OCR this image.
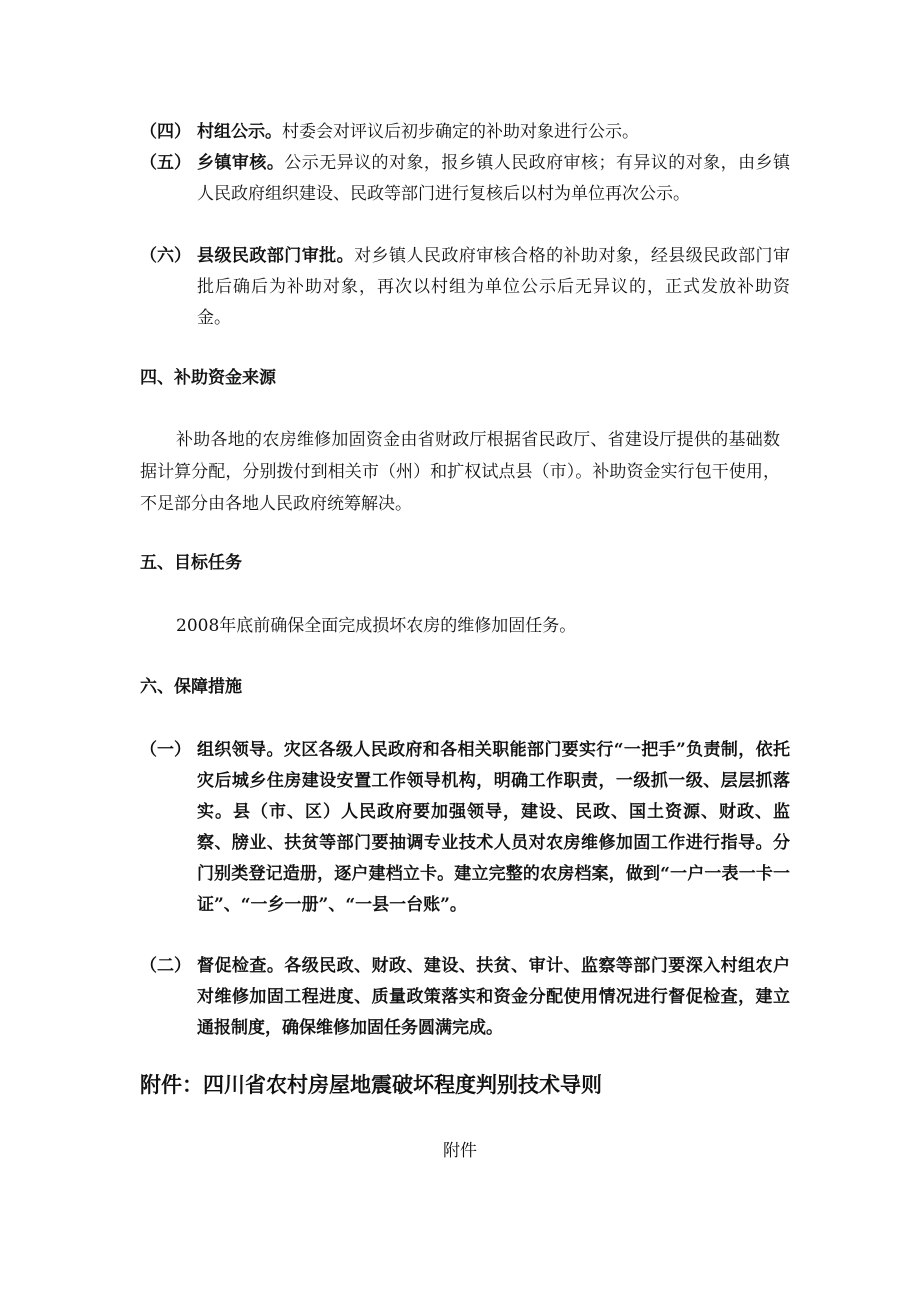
（四） 村组公示。村委会对评议后初步确定的补助对象进行公示。
（五） 乡镇审核。公示无异议的对象，报乡镇人民政府审核；有异议的对象，由乡镇人民政府组织建设、民政等部门进行复核后以村为单位再次公示。
（六） 县级民政部门审批。对乡镇人民政府审核合格的补助对象，经县级民政部门审批后确后为补助对象，再次以村组为单位公示后无异议的，正式发放补助资金。
四、补助资金来源
补助各地的农房维修加固资金由省财政厅根据省民政厅、省建设厅提供的基础数据计算分配，分别拨付到相关市（州）和扩权试点县（市）。补助资金实行包干使用，不足部分由各地人民政府统筹解决。
五、目标任务
2008年底前确保全面完成损坏农房的维修加固任务。
六、保障措施
（一） 组织领导。灾区各级人民政府和各相关职能部门要实行“一把手”负责制，依托灾后城乡住房建设安置工作领导机构，明确工作职责，一级抓一级、层层抓落实。县（市、区）人民政府要加强领导，建设、民政、国土资源、财政、监察、牓业、扶贫等部门要抽调专业技术人员对农房维修加固工作进行指导。分门别类登记造册，逐户建档立卡。建立完整的农房档案，做到“一户一表一卡一证”、“一乡一册”、“一县一台账”。
（二） 督促检查。各级民政、财政、建设、扶贫、审计、监察等部门要深入村组农户对维修加固工程进度、质量政策落实和资金分配使用情况进行督促检查，建立通报制度，确保维修加固任务圆满完成。
附件：四川省农村房屋地震破坏程度判别技术导则
附件
